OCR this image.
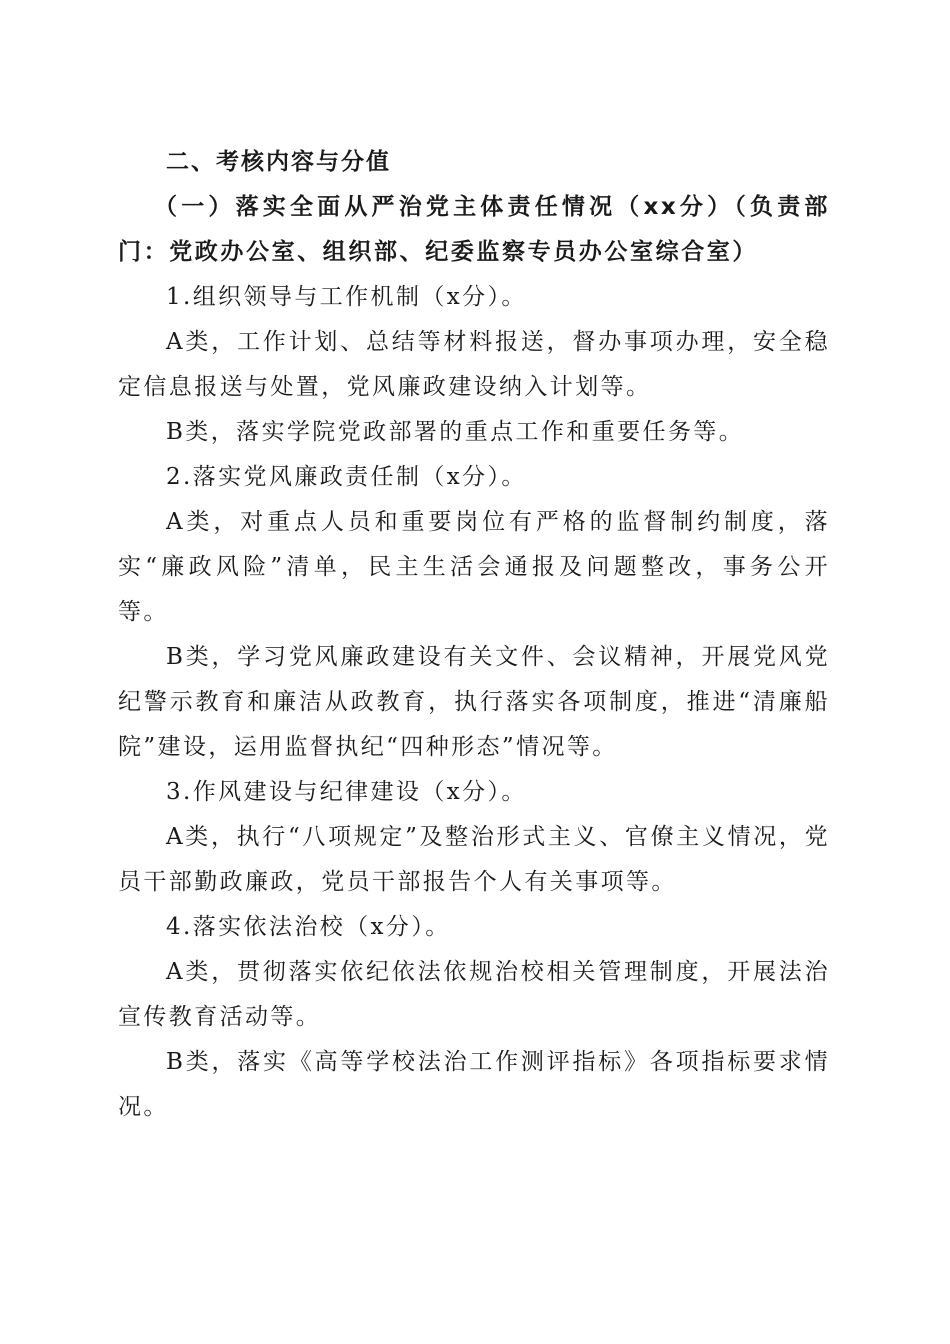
二、考核内容与分值

（一）落实全面从严治党主体责任情况（xx分）（负责部门：党政办公室、组织部、纪委监察专员办公室综合室）

1.组织领导与工作机制（x分）。

A类，工作计划、总结等材料报送，督办事项办理，安全稳定信息报送与处置，党风廉政建设纳入计划等。

B类，落实学院党政部署的重点工作和重要任务等。

2.落实党风廉政责任制（x分）。

A类，对重点人员和重要岗位有严格的监督制约制度，落实“廉政风险”清单，民主生活会通报及问题整改，事务公开等。

B类，学习党风廉政建设有关文件、会议精神，开展党风党纪警示教育和廉洁从政教育，执行落实各项制度，推进“清廉船院”建设，运用监督执纪“四种形态”情况等。

3.作风建设与纪律建设（x分）。

A类，执行“八项规定”及整治形式主义、官僚主义情况，党员干部勤政廉政，党员干部报告个人有关事项等。

4.落实依法治校（x分）。

A类，贯彻落实依纪依法依规治校相关管理制度，开展法治宣传教育活动等。

B类，落实《高等学校法治工作测评指标》各项指标要求情况。
